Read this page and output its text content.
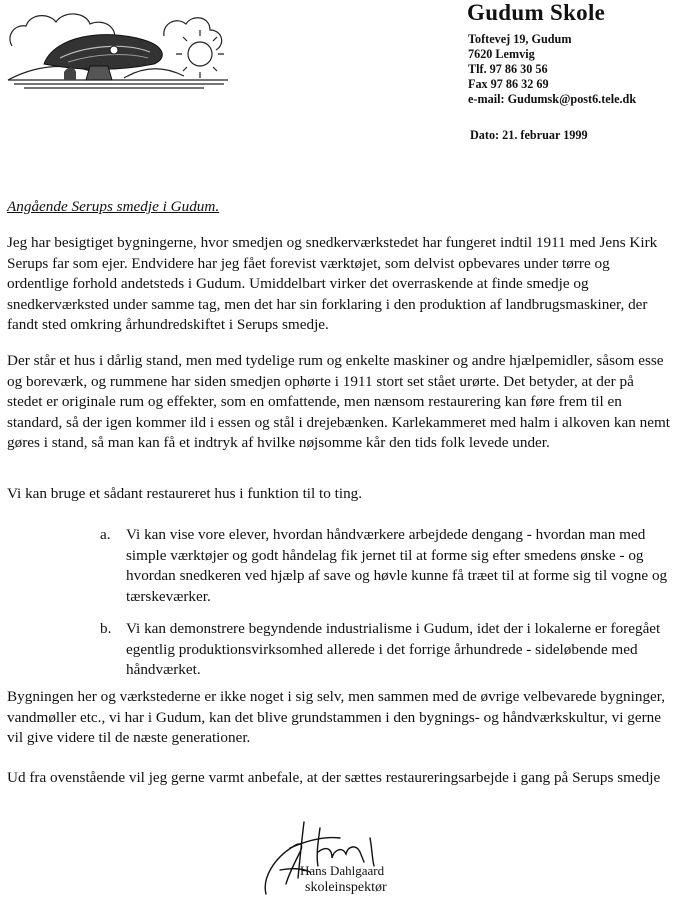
Gudum Skole
Toftevej 19, Gudum
7620 Lemvig
Tlf. 97 86 30 56
Fax 97 86 32 69
e-mail: Gudumsk@post6.tele.dk
Dato: 21. februar 1999
Angående Serups smedje i Gudum.
Jeg har besigtiget bygningerne, hvor smedjen og snedkerværkstedet har fungeret indtil 1911 med Jens Kirk Serups far som ejer. Endvidere har jeg fået forevist værktøjet, som delvist opbevares under tørre og ordentlige forhold andetsteds i Gudum. Umiddelbart virker det overraskende at finde smedje og snedkerværksted under samme tag, men det har sin forklaring i den produktion af landbrugsmaskiner, der fandt sted omkring århundredskiftet i Serups smedje.
Der står et hus i dårlig stand, men med tydelige rum og enkelte maskiner og andre hjælpemidler, såsom esse og boreværk, og rummene har siden smedjen ophørte i 1911 stort set stået urørte. Det betyder, at der på stedet er originale rum og effekter, som en omfattende, men nænsom restaurering kan føre frem til en standard, så der igen kommer ild i essen og stål i drejebænken. Karlekammeret med halm i alkoven kan nemt gøres i stand, så man kan få et indtryk af hvilke nøjsomme kår den tids folk levede under.
Vi kan bruge et sådant restaureret hus i funktion til to ting.
a. Vi kan vise vore elever, hvordan håndværkere arbejdede dengang - hvordan man med simple værktøjer og godt håndelag fik jernet til at forme sig efter smedens ønske - og hvordan snedkeren ved hjælp af save og høvle kunne få træet til at forme sig til vogne og tærskeværker.
b. Vi kan demonstrere begyndende industrialisme i Gudum, idet der i lokalerne er foregået egentlig produktionsvirksomhed allerede i det forrige århundrede - sideløbende med håndværket.
Bygningen her og værkstederne er ikke noget i sig selv, men sammen med de øvrige velbevarede bygninger, vandmøller etc., vi har i Gudum, kan det blive grundstammen i den bygnings- og håndværkskultur, vi gerne vil give videre til de næste generationer.
Ud fra ovenstående vil jeg gerne varmt anbefale, at der sættes restaureringsarbejde i gang på Serups smedje
Hans Dahlgaard
skoleinspektør
